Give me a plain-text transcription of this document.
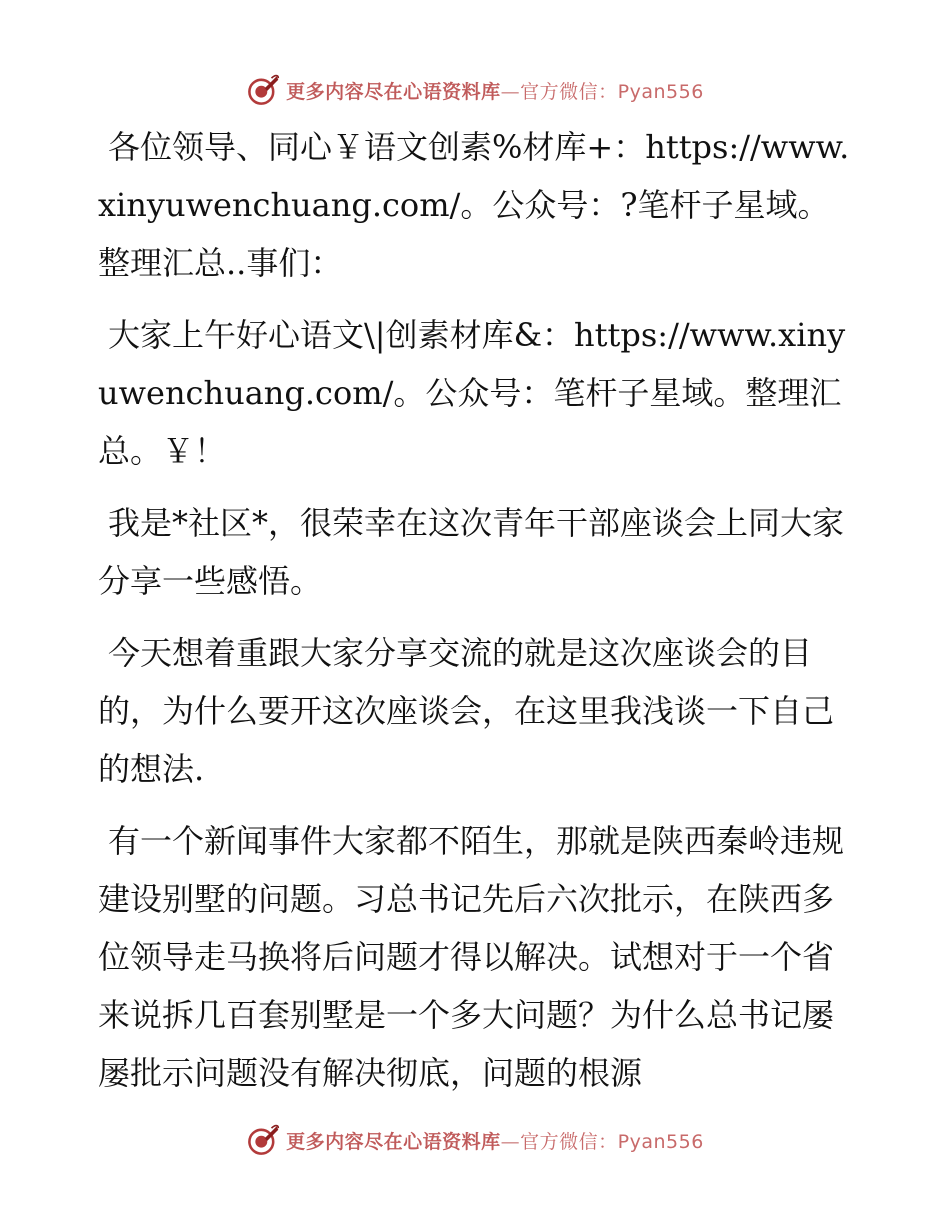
更多内容尽在心语资料库—官方微信：Pyan556

各位领导、同心￥语文创素%材库+：https://www.xinyuwenchuang.com/。公众号：?笔杆子星域。整理汇总..事们：

大家上午好心语文\|创素材库&：https://www.xinyuwenchuang.com/。公众号：笔杆子星域。整理汇总。￥！

我是*社区*，很荣幸在这次青年干部座谈会上同大家分享一些感悟。

今天想着重跟大家分享交流的就是这次座谈会的目的，为什么要开这次座谈会，在这里我浅谈一下自己的想法.

有一个新闻事件大家都不陌生，那就是陕西秦岭违规建设别墅的问题。习总书记先后六次批示，在陕西多位领导走马换将后问题才得以解决。试想对于一个省来说拆几百套别墅是一个多大问题？为什么总书记屡屡批示问题没有解决彻底，问题的根源

更多内容尽在心语资料库—官方微信：Pyan556
